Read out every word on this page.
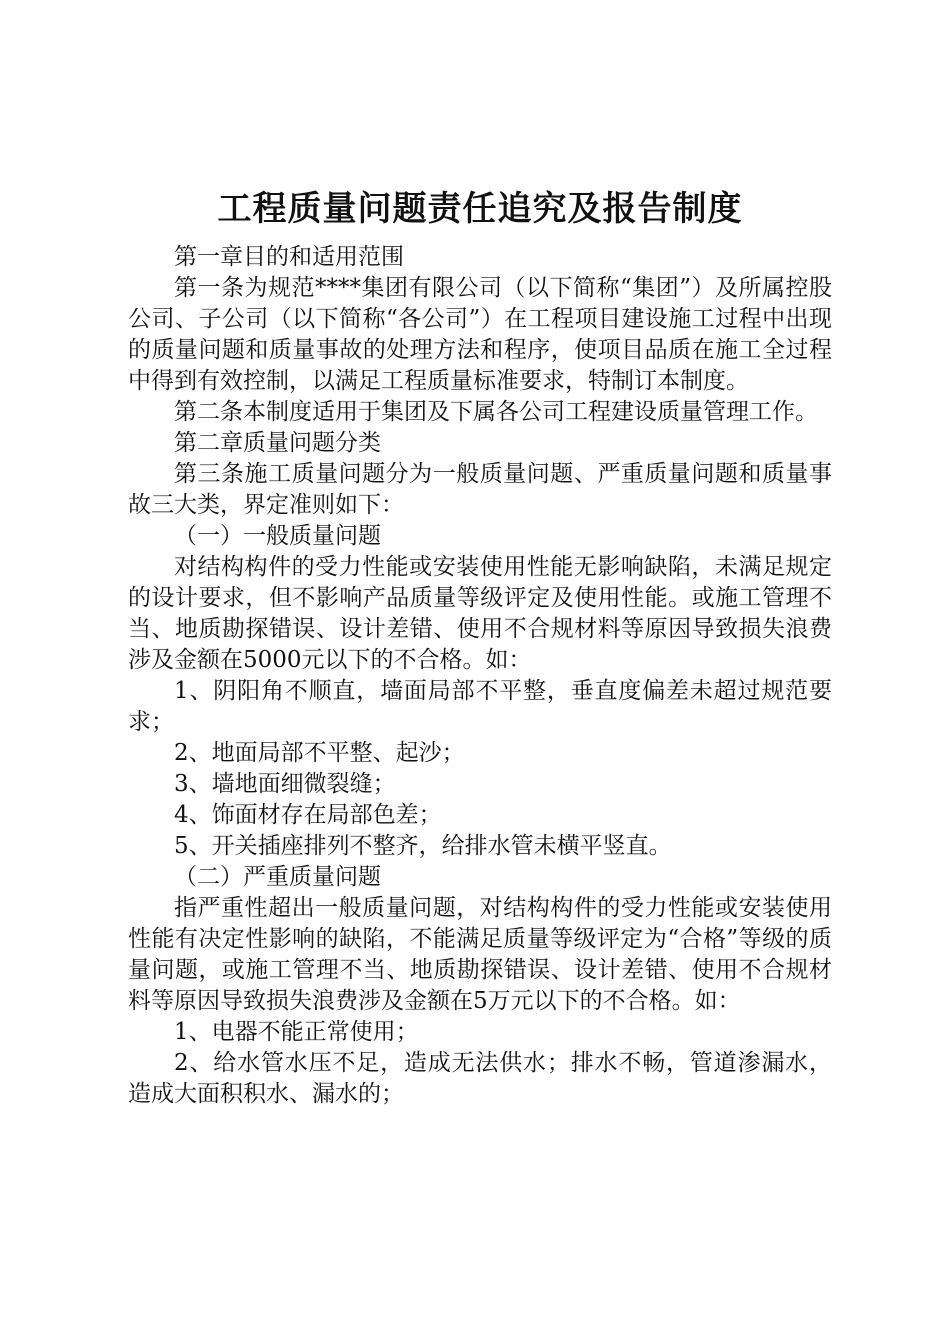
工程质量问题责任追究及报告制度

第一章目的和适用范围

第一条为规范****集团有限公司（以下简称“集团”）及所属控股公司、子公司（以下简称“各公司”）在工程项目建设施工过程中出现的质量问题和质量事故的处理方法和程序，使项目品质在施工全过程中得到有效控制，以满足工程质量标准要求，特制订本制度。

第二条本制度适用于集团及下属各公司工程建设质量管理工作。

第二章质量问题分类

第三条施工质量问题分为一般质量问题、严重质量问题和质量事故三大类，界定准则如下：

（一）一般质量问题

对结构构件的受力性能或安装使用性能无影响缺陷，未满足规定的设计要求，但不影响产品质量等级评定及使用性能。或施工管理不当、地质勘探错误、设计差错、使用不合规材料等原因导致损失浪费涉及金额在5000元以下的不合格。如：

1、阴阳角不顺直，墙面局部不平整，垂直度偏差未超过规范要求；

2、地面局部不平整、起沙；

3、墙地面细微裂缝；

4、饰面材存在局部色差；

5、开关插座排列不整齐，给排水管未横平竖直。

（二）严重质量问题

指严重性超出一般质量问题，对结构构件的受力性能或安装使用性能有决定性影响的缺陷，不能满足质量等级评定为“合格”等级的质量问题，或施工管理不当、地质勘探错误、设计差错、使用不合规材料等原因导致损失浪费涉及金额在5万元以下的不合格。如：

1、电器不能正常使用；

2、给水管水压不足，造成无法供水；排水不畅，管道渗漏水，造成大面积积水、漏水的；
